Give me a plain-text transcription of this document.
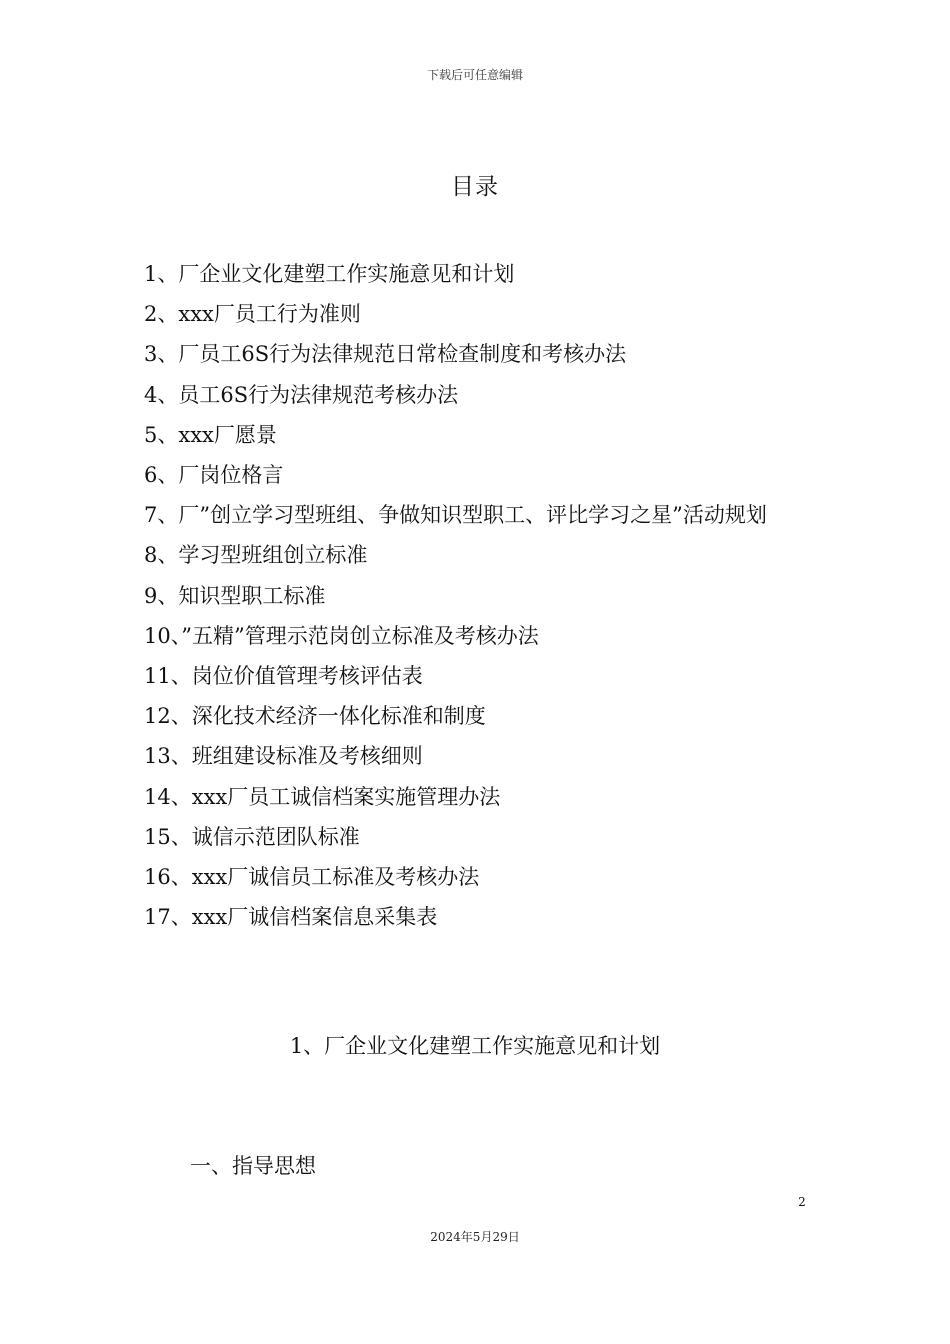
下载后可任意编辑
目录
1、厂企业文化建塑工作实施意见和计划
2、xxx厂员工行为准则
3、厂员工6S行为法律规范日常检查制度和考核办法
4、员工6S行为法律规范考核办法
5、xxx厂愿景
6、厂岗位格言
7、厂”创立学习型班组、争做知识型职工、评比学习之星”活动规划
8、学习型班组创立标准
9、知识型职工标准
10、”五精”管理示范岗创立标准及考核办法
11、岗位价值管理考核评估表
12、深化技术经济一体化标准和制度
13、班组建设标准及考核细则
14、xxx厂员工诚信档案实施管理办法
15、诚信示范团队标准
16、xxx厂诚信员工标准及考核办法
17、xxx厂诚信档案信息采集表
1、厂企业文化建塑工作实施意见和计划
一、指导思想
2
2024年5月29日
